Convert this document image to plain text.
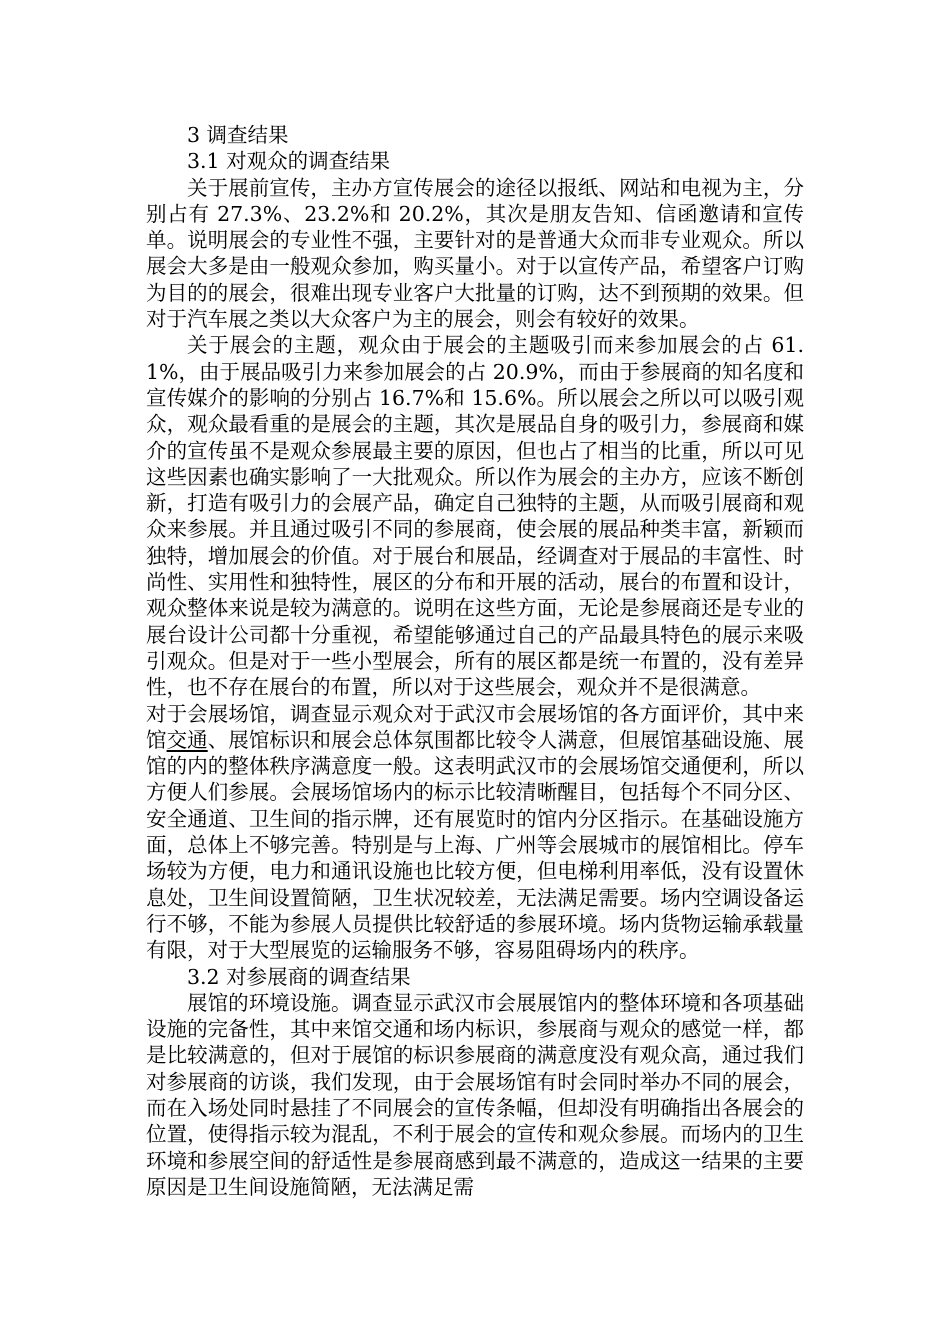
3 调查结果
3.1 对观众的调查结果

关于展前宣传，主办方宣传展会的途径以报纸、网站和电视为主，分别占有 27.3%、23.2%和 20.2%，其次是朋友告知、信函邀请和宣传单。说明展会的专业性不强，主要针对的是普通大众而非专业观众。所以展会大多是由一般观众参加，购买量小。对于以宣传产品，希望客户订购为目的的展会，很难出现专业客户大批量的订购，达不到预期的效果。但对于汽车展之类以大众客户为主的展会，则会有较好的效果。

关于展会的主题，观众由于展会的主题吸引而来参加展会的占 61.1%，由于展品吸引力来参加展会的占 20.9%，而由于参展商的知名度和宣传媒介的影响的分别占 16.7%和 15.6%。所以展会之所以可以吸引观众，观众最看重的是展会的主题，其次是展品自身的吸引力，参展商和媒介的宣传虽不是观众参展最主要的原因，但也占了相当的比重，所以可见这些因素也确实影响了一大批观众。所以作为展会的主办方，应该不断创新，打造有吸引力的会展产品，确定自己独特的主题，从而吸引展商和观众来参展。并且通过吸引不同的参展商，使会展的展品种类丰富，新颖而独特，增加展会的价值。对于展台和展品，经调查对于展品的丰富性、时尚性、实用性和独特性，展区的分布和开展的活动，展台的布置和设计，观众整体来说是较为满意的。说明在这些方面，无论是参展商还是专业的展台设计公司都十分重视，希望能够通过自己的产品最具特色的展示来吸引观众。但是对于一些小型展会，所有的展区都是统一布置的，没有差异性，也不存在展台的布置，所以对于这些展会，观众并不是很满意。

对于会展场馆，调查显示观众对于武汉市会展场馆的各方面评价，其中来馆交通、展馆标识和展会总体氛围都比较令人满意，但展馆基础设施、展馆的内的整体秩序满意度一般。这表明武汉市的会展场馆交通便利，所以方便人们参展。会展场馆场内的标示比较清晰醒目，包括每个不同分区、安全通道、卫生间的指示牌，还有展览时的馆内分区指示。在基础设施方面，总体上不够完善。特别是与上海、广州等会展城市的展馆相比。停车场较为方便，电力和通讯设施也比较方便，但电梯利用率低，没有设置休息处，卫生间设置简陋，卫生状况较差，无法满足需要。场内空调设备运行不够，不能为参展人员提供比较舒适的参展环境。场内货物运输承载量有限，对于大型展览的运输服务不够，容易阻碍场内的秩序。

3.2 对参展商的调查结果

展馆的环境设施。调查显示武汉市会展展馆内的整体环境和各项基础设施的完备性，其中来馆交通和场内标识，参展商与观众的感觉一样，都是比较满意的，但对于展馆的标识参展商的满意度没有观众高，通过我们对参展商的访谈，我们发现，由于会展场馆有时会同时举办不同的展会，而在入场处同时悬挂了不同展会的宣传条幅，但却没有明确指出各展会的位置，使得指示较为混乱，不利于展会的宣传和观众参展。而场内的卫生环境和参展空间的舒适性是参展商感到最不满意的，造成这一结果的主要原因是卫生间设施简陋，无法满足需
